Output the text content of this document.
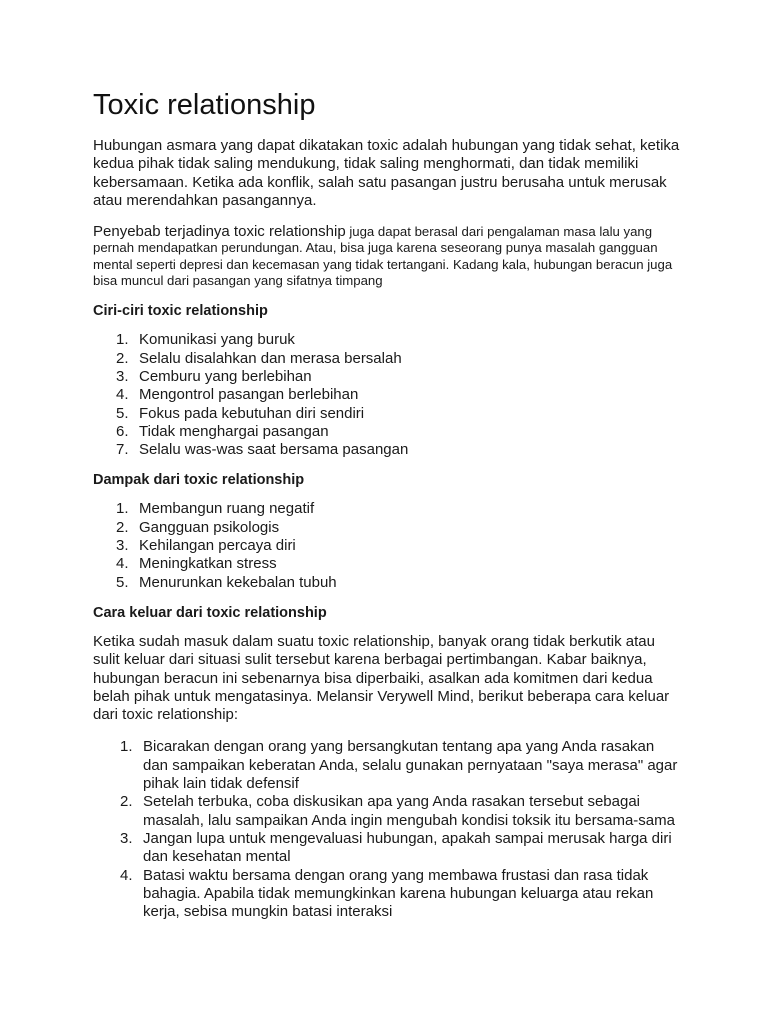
Toxic relationship

Hubungan asmara yang dapat dikatakan toxic adalah hubungan yang tidak sehat, ketika kedua pihak tidak saling mendukung, tidak saling menghormati, dan tidak memiliki kebersamaan. Ketika ada konflik, salah satu pasangan justru berusaha untuk merusak atau merendahkan pasangannya.

Penyebab terjadinya toxic relationship juga dapat berasal dari pengalaman masa lalu yang pernah mendapatkan perundungan. Atau, bisa juga karena seseorang punya masalah gangguan mental seperti depresi dan kecemasan yang tidak tertangani. Kadang kala, hubungan beracun juga bisa muncul dari pasangan yang sifatnya timpang

Ciri-ciri toxic relationship
1. Komunikasi yang buruk
2. Selalu disalahkan dan merasa bersalah
3. Cemburu yang berlebihan
4. Mengontrol pasangan berlebihan
5. Fokus pada kebutuhan diri sendiri
6. Tidak menghargai pasangan
7. Selalu was-was saat bersama pasangan
Dampak dari toxic relationship
1. Membangun ruang negatif
2. Gangguan psikologis
3. Kehilangan percaya diri
4. Meningkatkan stress
5. Menurunkan kekebalan tubuh
Cara keluar dari toxic relationship

Ketika sudah masuk dalam suatu toxic relationship, banyak orang tidak berkutik atau sulit keluar dari situasi sulit tersebut karena berbagai pertimbangan. Kabar baiknya, hubungan beracun ini sebenarnya bisa diperbaiki, asalkan ada komitmen dari kedua belah pihak untuk mengatasinya. Melansir Verywell Mind, berikut beberapa cara keluar dari toxic relationship:

1. Bicarakan dengan orang yang bersangkutan tentang apa yang Anda rasakan dan sampaikan keberatan Anda, selalu gunakan pernyataan "saya merasa" agar pihak lain tidak defensif
2. Setelah terbuka, coba diskusikan apa yang Anda rasakan tersebut sebagai masalah, lalu sampaikan Anda ingin mengubah kondisi toksik itu bersama-sama
3. Jangan lupa untuk mengevaluasi hubungan, apakah sampai merusak harga diri dan kesehatan mental
4. Batasi waktu bersama dengan orang yang membawa frustasi dan rasa tidak bahagia. Apabila tidak memungkinkan karena hubungan keluarga atau rekan kerja, sebisa mungkin batasi interaksi
